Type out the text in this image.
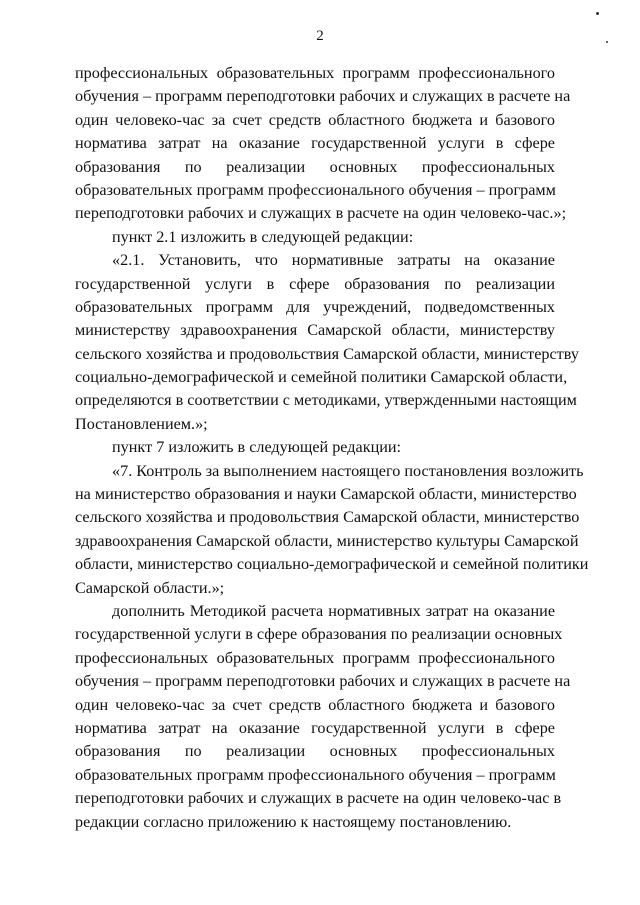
2
профессиональных образовательных программ профессионального
обучения – программ переподготовки рабочих и служащих в расчете на
один человеко-час за счет средств областного бюджета и базового
норматива затрат на оказание государственной услуги в сфере
образования по реализации основных профессиональных
образовательных программ профессионального обучения – программ
переподготовки рабочих и служащих в расчете на один человеко-час.»;
пункт 2.1 изложить в следующей редакции:
«2.1. Установить, что нормативные затраты на оказание
государственной услуги в сфере образования по реализации
образовательных программ для учреждений, подведомственных
министерству здравоохранения Самарской области, министерству
сельского хозяйства и продовольствия Самарской области, министерству
социально-демографической и семейной политики Самарской области,
определяются в соответствии с методиками, утвержденными настоящим
Постановлением.»;
пункт 7 изложить в следующей редакции:
«7. Контроль за выполнением настоящего постановления возложить
на министерство образования и науки Самарской области, министерство
сельского хозяйства и продовольствия Самарской области, министерство
здравоохранения Самарской области, министерство культуры Самарской
области, министерство социально-демографической и семейной политики
Самарской области.»;
дополнить Методикой расчета нормативных затрат на оказание
государственной услуги в сфере образования по реализации основных
профессиональных образовательных программ профессионального
обучения – программ переподготовки рабочих и служащих в расчете на
один человеко-час за счет средств областного бюджета и базового
норматива затрат на оказание государственной услуги в сфере
образования по реализации основных профессиональных
образовательных программ профессионального обучения – программ
переподготовки рабочих и служащих в расчете на один человеко-час в
редакции согласно приложению к настоящему постановлению.
